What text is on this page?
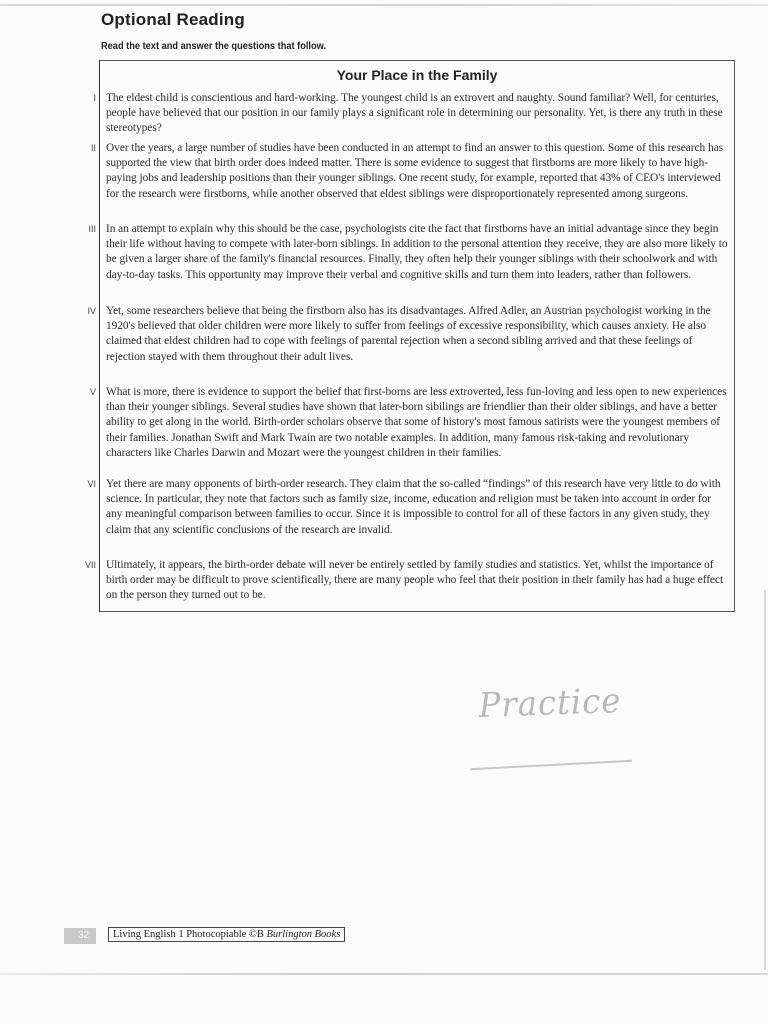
Optional Reading
Read the text and answer the questions that follow.
Your Place in the Family
I The eldest child is conscientious and hard-working. The youngest child is an extrovert and naughty. Sound familiar? Well, for centuries, people have believed that our position in our family plays a significant role in determining our personality. Yet, is there any truth in these stereotypes?
II Over the years, a large number of studies have been conducted in an attempt to find an answer to this question. Some of this research has supported the view that birth order does indeed matter. There is some evidence to suggest that firstborns are more likely to have high-paying jobs and leadership positions than their younger siblings. One recent study, for example, reported that 43% of CEO's interviewed for the research were firstborns, while another observed that eldest siblings were disproportionately represented among surgeons.
III In an attempt to explain why this should be the case, psychologists cite the fact that firstborns have an initial advantage since they begin their life without having to compete with later-born siblings. In addition to the personal attention they receive, they are also more likely to be given a larger share of the family's financial resources. Finally, they often help their younger siblings with their schoolwork and with day-to-day tasks. This opportunity may improve their verbal and cognitive skills and turn them into leaders, rather than followers.
IV Yet, some researchers believe that being the firstborn also has its disadvantages. Alfred Adler, an Austrian psychologist working in the 1920's believed that older children were more likely to suffer from feelings of excessive responsibility, which causes anxiety. He also claimed that eldest children had to cope with feelings of parental rejection when a second sibling arrived and that these feelings of rejection stayed with them throughout their adult lives.
V What is more, there is evidence to support the belief that first-borns are less extroverted, less fun-loving and less open to new experiences than their younger siblings. Several studies have shown that later-born sibilings are friendlier than their older siblings, and have a better ability to get along in the world. Birth-order scholars observe that some of history's most famous satirists were the youngest members of their families. Jonathan Swift and Mark Twain are two notable examples. In addition, many famous risk-taking and revolutionary characters like Charles Darwin and Mozart were the youngest children in their families.
VI Yet there are many opponents of birth-order research. They claim that the so-called “findings” of this research have very little to do with science. In particular, they note that factors such as family size, income, education and religion must be taken into account in order for any meaningful comparison between families to occur. Since it is impossible to control for all of these factors in any given study, they claim that any scientific conclusions of the research are invalid.
VII Ultimately, it appears, the birth-order debate will never be entirely settled by family studies and statistics. Yet, whilst the importance of birth order may be difficult to prove scientifically, there are many people who feel that their position in their family has had a huge effect on the person they turned out to be.
Practice
32	Living English 1 Photocopiable ©B Burlington Books
